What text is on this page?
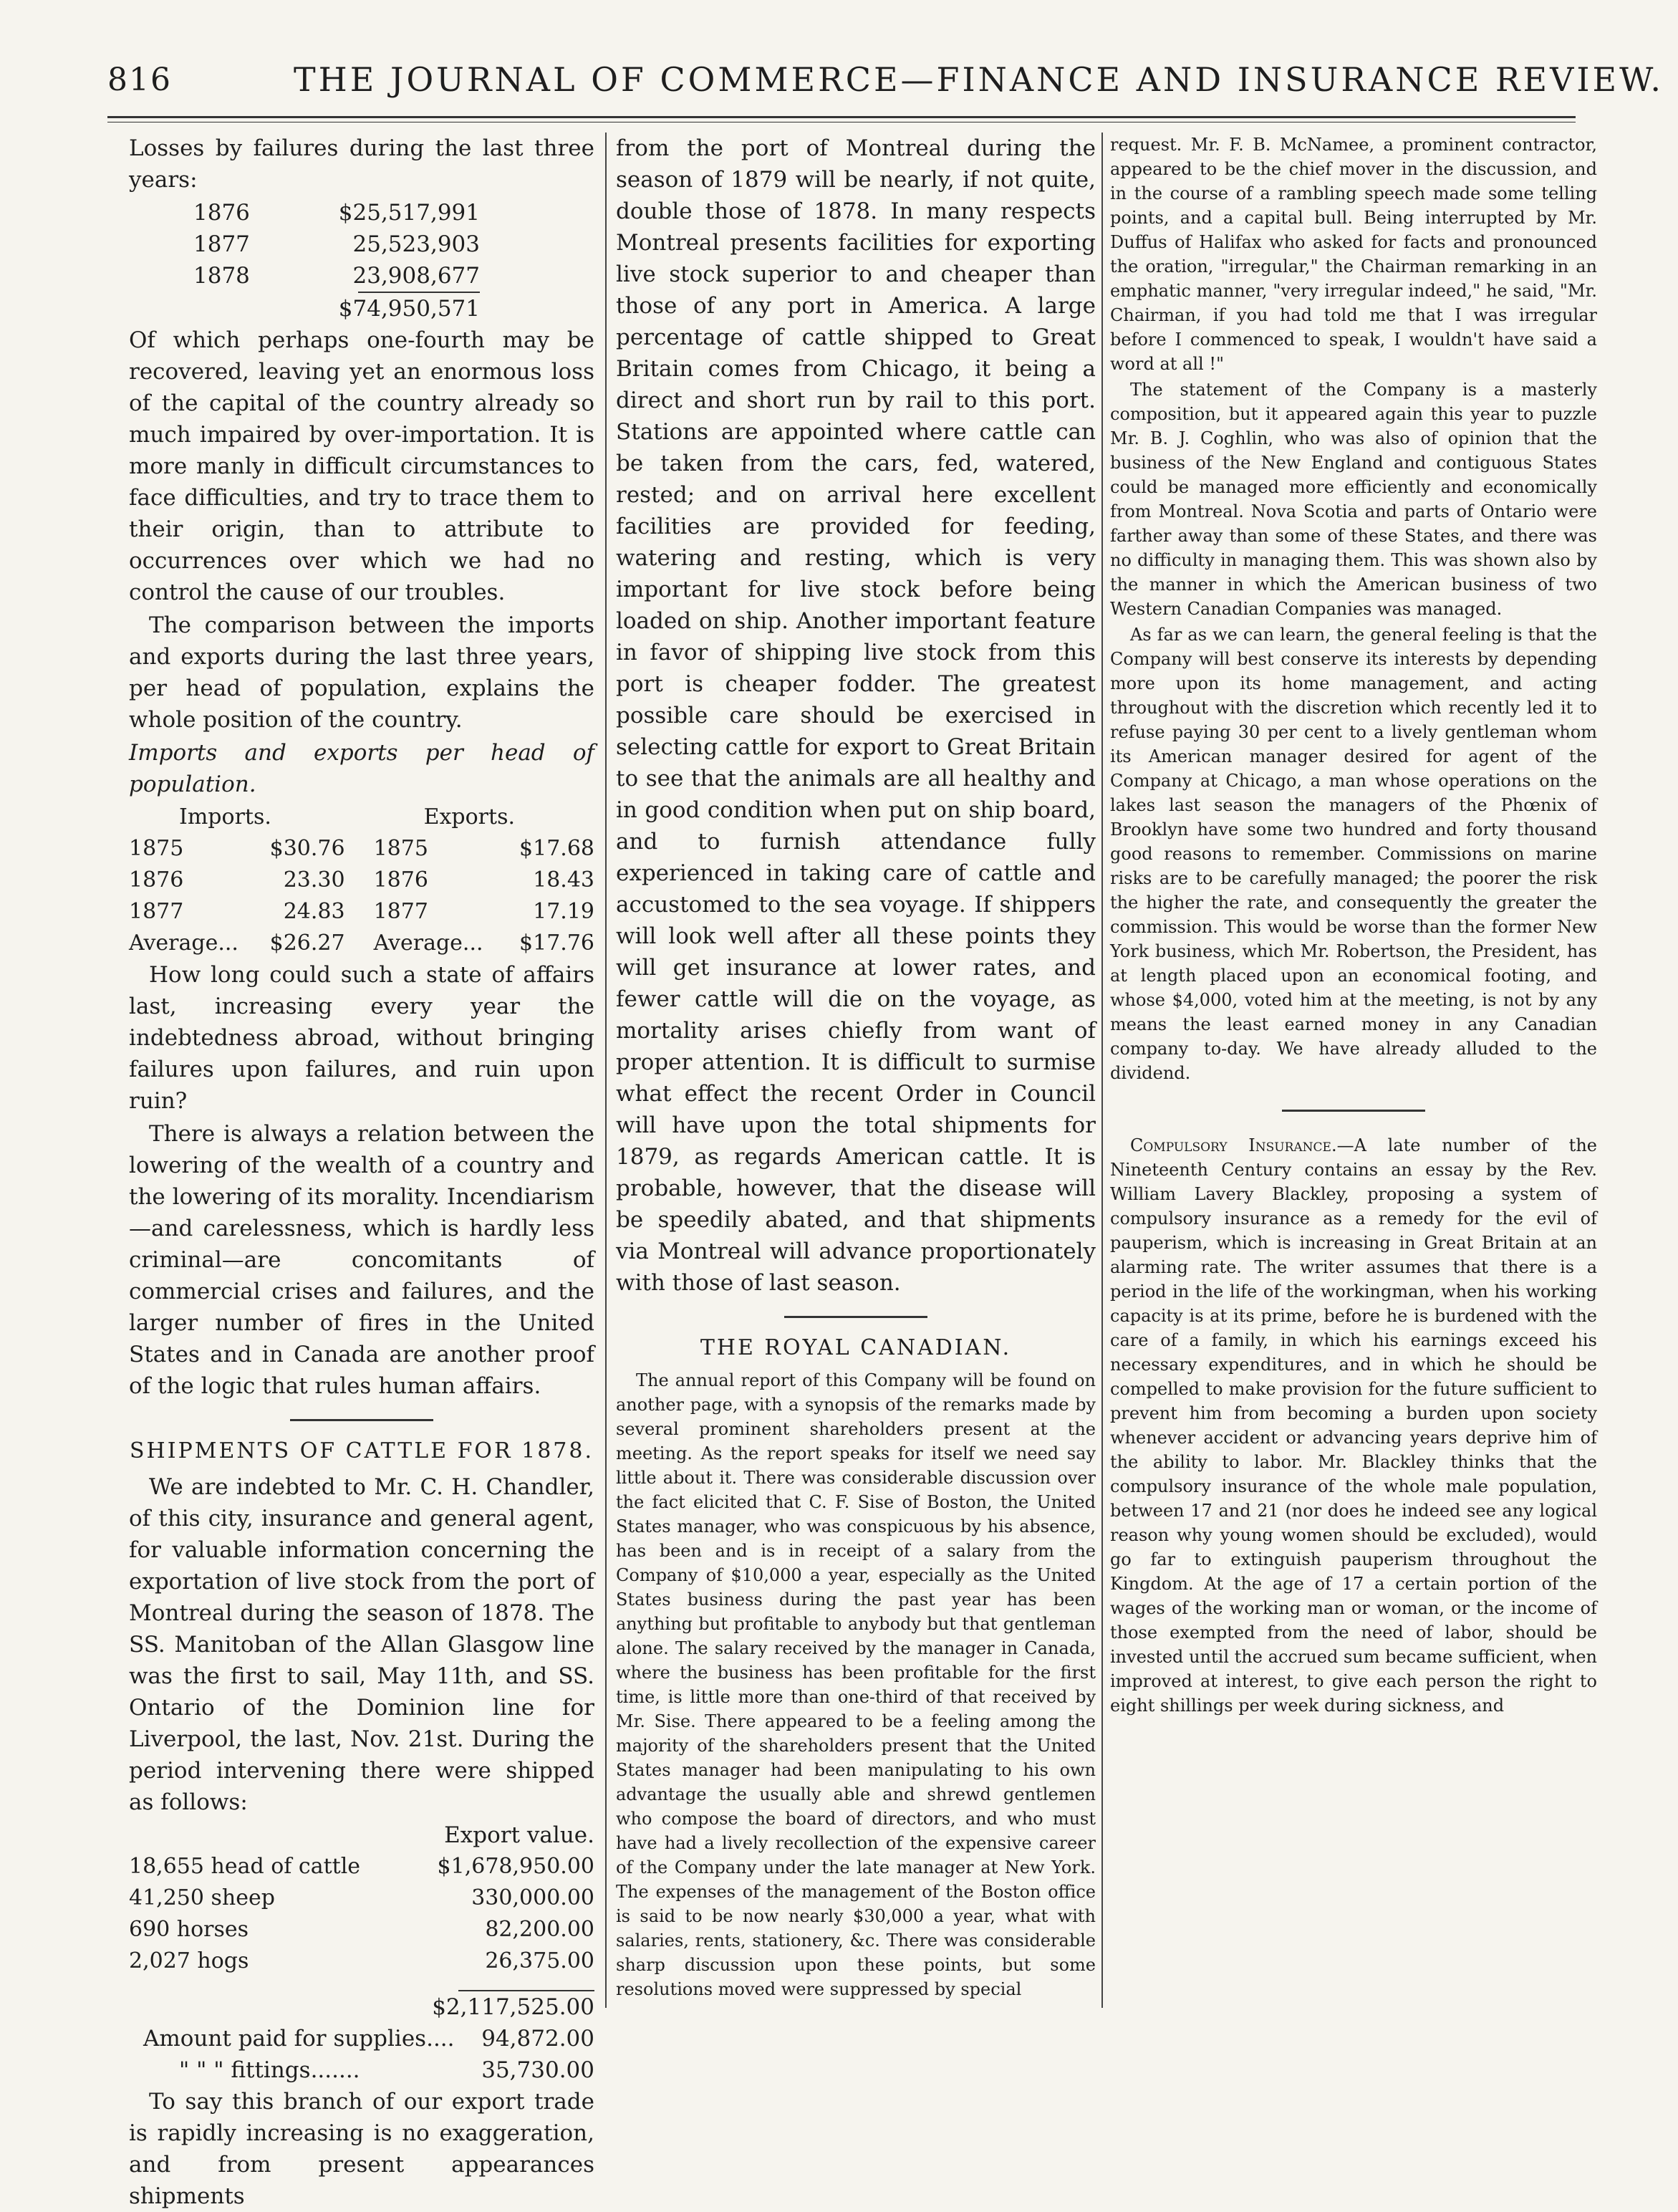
816	THE JOURNAL OF COMMERCE—FINANCE AND INSURANCE REVIEW.

Losses by failures during the last three years:

1876	$25,517,991
1877	25,523,903
1878	23,908,677
$74,950,571

Of which perhaps one-fourth may be recovered, leaving yet an enormous loss of the capital of the country already so much impaired by over-importation. It is more manly in difficult circumstances to face difficulties, and try to trace them to their origin, than to attribute to occurrences over which we had no control the cause of our troubles.

The comparison between the imports and exports during the last three years, per head of population, explains the whole position of the country.

Imports and exports per head of population.

Imports.		Exports.	
1875	$30.76	1875	$17.68
1876	23.30	1876	18.43
1877	24.83	1877	17.19
Average...	$26.27	Average...	$17.76

How long could such a state of affairs last, increasing every year the indebtedness abroad, without bringing failures upon failures, and ruin upon ruin?

There is always a relation between the lowering of the wealth of a country and the lowering of its morality. Incendiarism—and carelessness, which is hardly less criminal—are concomitants of commercial crises and failures, and the larger number of fires in the United States and in Canada are another proof of the logic that rules human affairs.

SHIPMENTS OF CATTLE FOR 1878.

We are indebted to Mr. C. H. Chandler, of this city, insurance and general agent, for valuable information concerning the exportation of live stock from the port of Montreal during the season of 1878. The SS. Manitoban of the Allan Glasgow line was the first to sail, May 11th, and SS. Ontario of the Dominion line for Liverpool, the last, Nov. 21st. During the period intervening there were shipped as follows:

Export value.
18,655 head of cattle	$1,678,950.00
41,250 sheep	330,000.00
690 horses	82,200.00
2,027 hogs	26,375.00
$2,117,525.00
Amount paid for supplies.... 94,872.00
" " " fittings.......	35,730.00

To say this branch of our export trade is rapidly increasing is no exaggeration, and from present appearances shipments

from the port of Montreal during the season of 1879 will be nearly, if not quite, double those of 1878. In many respects Montreal presents facilities for exporting live stock superior to and cheaper than those of any port in America. A large percentage of cattle shipped to Great Britain comes from Chicago, it being a direct and short run by rail to this port. Stations are appointed where cattle can be taken from the cars, fed, watered, rested; and on arrival here excellent facilities are provided for feeding, watering and resting, which is very important for live stock before being loaded on ship. Another important feature in favor of shipping live stock from this port is cheaper fodder. The greatest possible care should be exercised in selecting cattle for export to Great Britain to see that the animals are all healthy and in good condition when put on ship board, and to furnish attendance fully experienced in taking care of cattle and accustomed to the sea voyage. If shippers will look well after all these points they will get insurance at lower rates, and fewer cattle will die on the voyage, as mortality arises chiefly from want of proper attention. It is difficult to surmise what effect the recent Order in Council will have upon the total shipments for 1879, as regards American cattle. It is probable, however, that the disease will be speedily abated, and that shipments via Montreal will advance proportionately with those of last season.

THE ROYAL CANADIAN.

The annual report of this Company will be found on another page, with a synopsis of the remarks made by several prominent shareholders present at the meeting. As the report speaks for itself we need say little about it. There was considerable discussion over the fact elicited that C. F. Sise of Boston, the United States manager, who was conspicuous by his absence, has been and is in receipt of a salary from the Company of $10,000 a year, especially as the United States business during the past year has been anything but profitable to anybody but that gentleman alone. The salary received by the manager in Canada, where the business has been profitable for the first time, is little more than one-third of that received by Mr. Sise. There appeared to be a feeling among the majority of the shareholders present that the United States manager had been manipulating to his own advantage the usually able and shrewd gentlemen who compose the board of directors, and who must have had a lively recollection of the expensive career of the Company under the late manager at New York. The expenses of the management of the Boston office is said to be now nearly $30,000 a year, what with salaries, rents, stationery, &c. There was considerable sharp discussion upon these points, but some resolutions moved were suppressed by special

request. Mr. F. B. McNamee, a prominent contractor, appeared to be the chief mover in the discussion, and in the course of a rambling speech made some telling points, and a capital bull. Being interrupted by Mr. Duffus of Halifax who asked for facts and pronounced the oration, "irregular," the Chairman remarking in an emphatic manner, "very irregular indeed," he said, "Mr. Chairman, if you had told me that I was irregular before I commenced to speak, I wouldn't have said a word at all !"

The statement of the Company is a masterly composition, but it appeared again this year to puzzle Mr. B. J. Coghlin, who was also of opinion that the business of the New England and contiguous States could be managed more efficiently and economically from Montreal. Nova Scotia and parts of Ontario were farther away than some of these States, and there was no difficulty in managing them. This was shown also by the manner in which the American business of two Western Canadian Companies was managed.

As far as we can learn, the general feeling is that the Company will best conserve its interests by depending more upon its home management, and acting throughout with the discretion which recently led it to refuse paying 30 per cent to a lively gentleman whom its American manager desired for agent of the Company at Chicago, a man whose operations on the lakes last season the managers of the Phœnix of Brooklyn have some two hundred and forty thousand good reasons to remember. Commissions on marine risks are to be carefully managed; the poorer the risk the higher the rate, and consequently the greater the commission. This would be worse than the former New York business, which Mr. Robertson, the President, has at length placed upon an economical footing, and whose $4,000, voted him at the meeting, is not by any means the least earned money in any Canadian company to-day. We have already alluded to the dividend.

Compulsory Insurance.—A late number of the Nineteenth Century contains an essay by the Rev. William Lavery Blackley, proposing a system of compulsory insurance as a remedy for the evil of pauperism, which is increasing in Great Britain at an alarming rate. The writer assumes that there is a period in the life of the workingman, when his working capacity is at its prime, before he is burdened with the care of a family, in which his earnings exceed his necessary expenditures, and in which he should be compelled to make provision for the future sufficient to prevent him from becoming a burden upon society whenever accident or advancing years deprive him of the ability to labor. Mr. Blackley thinks that the compulsory insurance of the whole male population, between 17 and 21 (nor does he indeed see any logical reason why young women should be excluded), would go far to extinguish pauperism throughout the Kingdom. At the age of 17 a certain portion of the wages of the working man or woman, or the income of those exempted from the need of labor, should be invested until the accrued sum became sufficient, when improved at interest, to give each person the right to eight shillings per week during sickness, and
